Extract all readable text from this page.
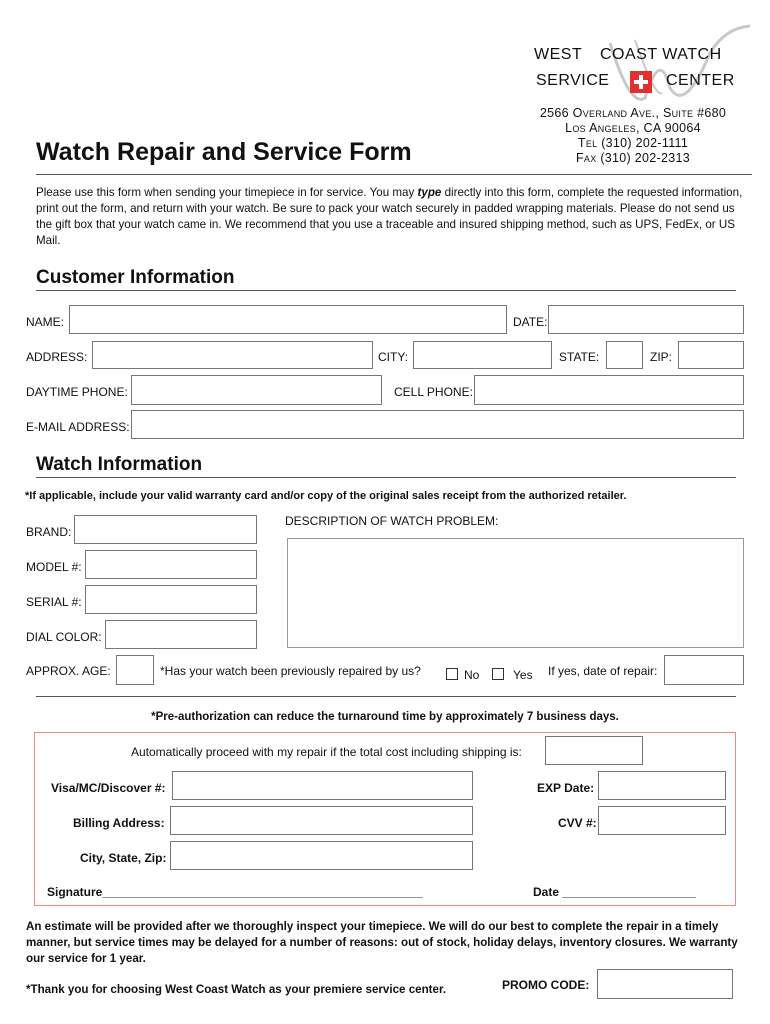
WEST COAST WATCH
SERVICE	CENTER
2566 Overland Ave., Suite #680
Los Angeles, CA 90064
Tel (310) 202-1111
Fax (310) 202-2313
Watch Repair and Service Form
Please use this form when sending your timepiece in for service. You may type directly into this form, complete the requested information, print out the form, and return with your watch. Be sure to pack your watch securely in padded wrapping materials. Please do not send us the gift box that your watch came in. We recommend that you use a traceable and insured shipping method, such as UPS, FedEx, or US Mail.
Customer Information
NAME:	DATE:
ADDRESS:	CITY:	STATE:	ZIP:
DAYTIME PHONE:	CELL PHONE:
E-MAIL ADDRESS:
Watch Information
*If applicable, include your valid warranty card and/or copy of the original sales receipt from the authorized retailer.
BRAND:
MODEL #:
SERIAL #:
DIAL COLOR:
DESCRIPTION OF WATCH PROBLEM:
APPROX. AGE:	*Has your watch been previously repaired by us?	No	Yes If yes, date of repair:
*Pre-authorization can reduce the turnaround time by approximately 7 business days.
Automatically proceed with my repair if the total cost including shipping is:
Visa/MC/Discover #:	EXP Date:
Billing Address:	CVV #:
City, State, Zip:
Signature________________________________________________	Date ____________________
An estimate will be provided after we thoroughly inspect your timepiece. We will do our best to complete the repair in a timely manner, but service times may be delayed for a number of reasons: out of stock, holiday delays, inventory closures. We warranty our service for 1 year.
*Thank you for choosing West Coast Watch as your premiere service center.	PROMO CODE:
